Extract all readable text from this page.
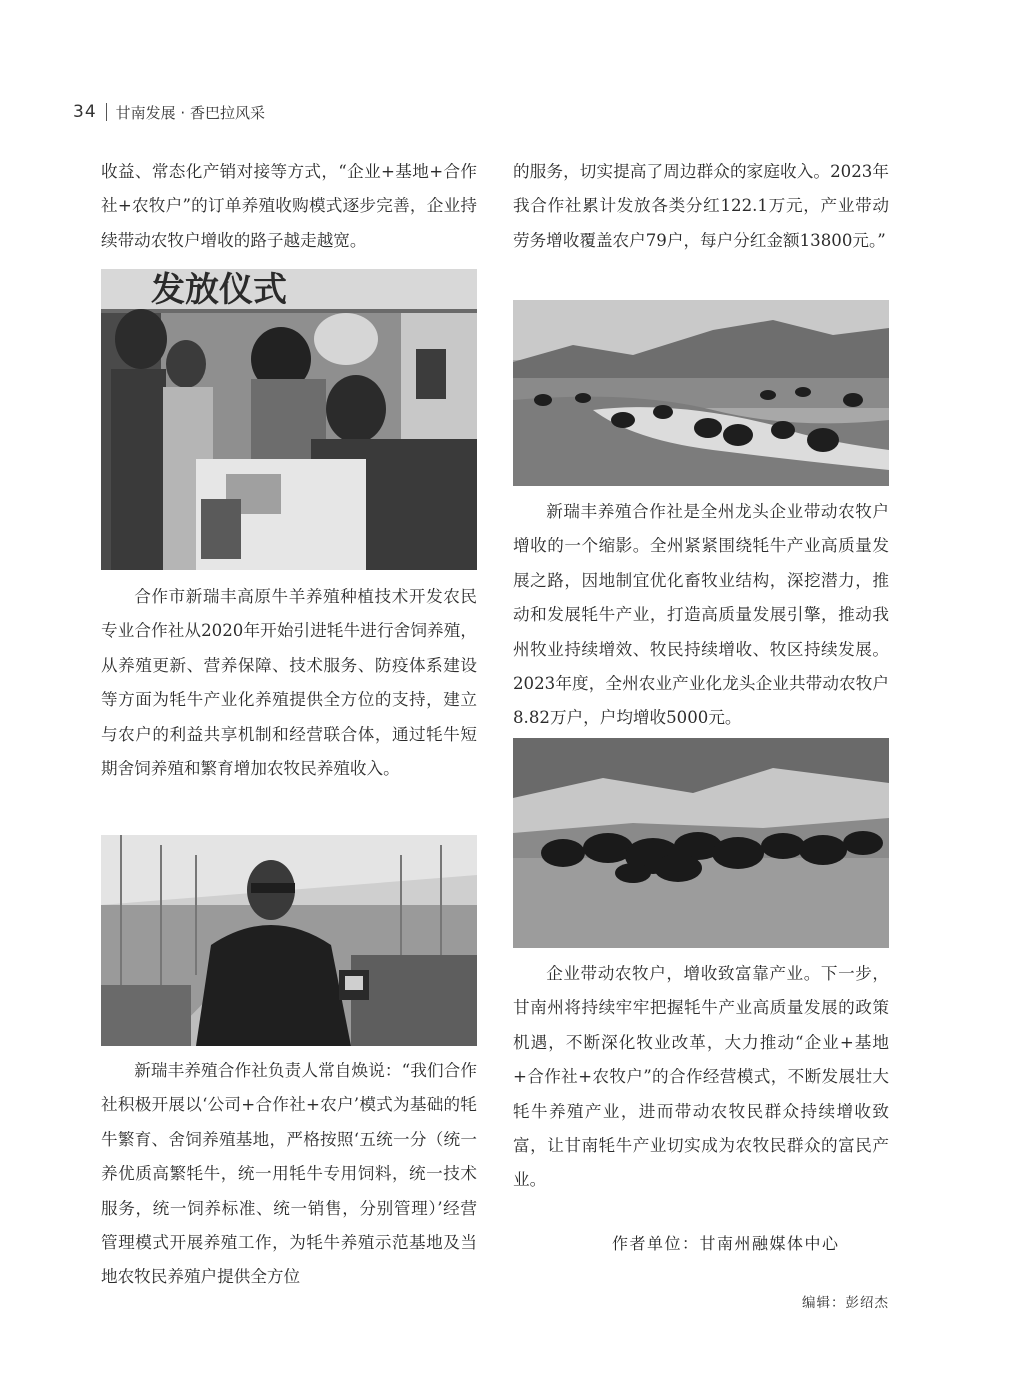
34 甘南发展 · 香巴拉风采

收益、常态化产销对接等方式，“企业+基地+合作社+农牧户”的订单养殖收购模式逐步完善，企业持续带动农牧户增收的路子越走越宽。

发放仪式

合作市新瑞丰高原牛羊养殖种植技术开发农民专业合作社从2020年开始引进牦牛进行舍饲养殖，从养殖更新、营养保障、技术服务、防疫体系建设等方面为牦牛产业化养殖提供全方位的支持，建立与农户的利益共享机制和经营联合体，通过牦牛短期舍饲养殖和繁育增加农牧民养殖收入。

新瑞丰养殖合作社负责人常自焕说：“我们合作社积极开展以‘公司+合作社+农户’模式为基础的牦牛繁育、舍饲养殖基地，严格按照‘五统一分（统一养优质高繁牦牛，统一用牦牛专用饲料，统一技术服务，统一饲养标准、统一销售，分别管理）’经营管理模式开展养殖工作，为牦牛养殖示范基地及当地农牧民养殖户提供全方位

的服务，切实提高了周边群众的家庭收入。2023年我合作社累计发放各类分红122.1万元，产业带动劳务增收覆盖农户79户，每户分红金额13800元。”

新瑞丰养殖合作社是全州龙头企业带动农牧户增收的一个缩影。全州紧紧围绕牦牛产业高质量发展之路，因地制宜优化畜牧业结构，深挖潜力，推动和发展牦牛产业，打造高质量发展引擎，推动我州牧业持续增效、牧民持续增收、牧区持续发展。2023年度，全州农业产业化龙头企业共带动农牧户8.82万户，户均增收5000元。

企业带动农牧户，增收致富靠产业。下一步，甘南州将持续牢牢把握牦牛产业高质量发展的政策机遇，不断深化牧业改革，大力推动“企业+基地+合作社+农牧户”的合作经营模式，不断发展壮大牦牛养殖产业，进而带动农牧民群众持续增收致富，让甘南牦牛产业切实成为农牧民群众的富民产业。

作者单位：甘南州融媒体中心
编辑：彭绍杰
